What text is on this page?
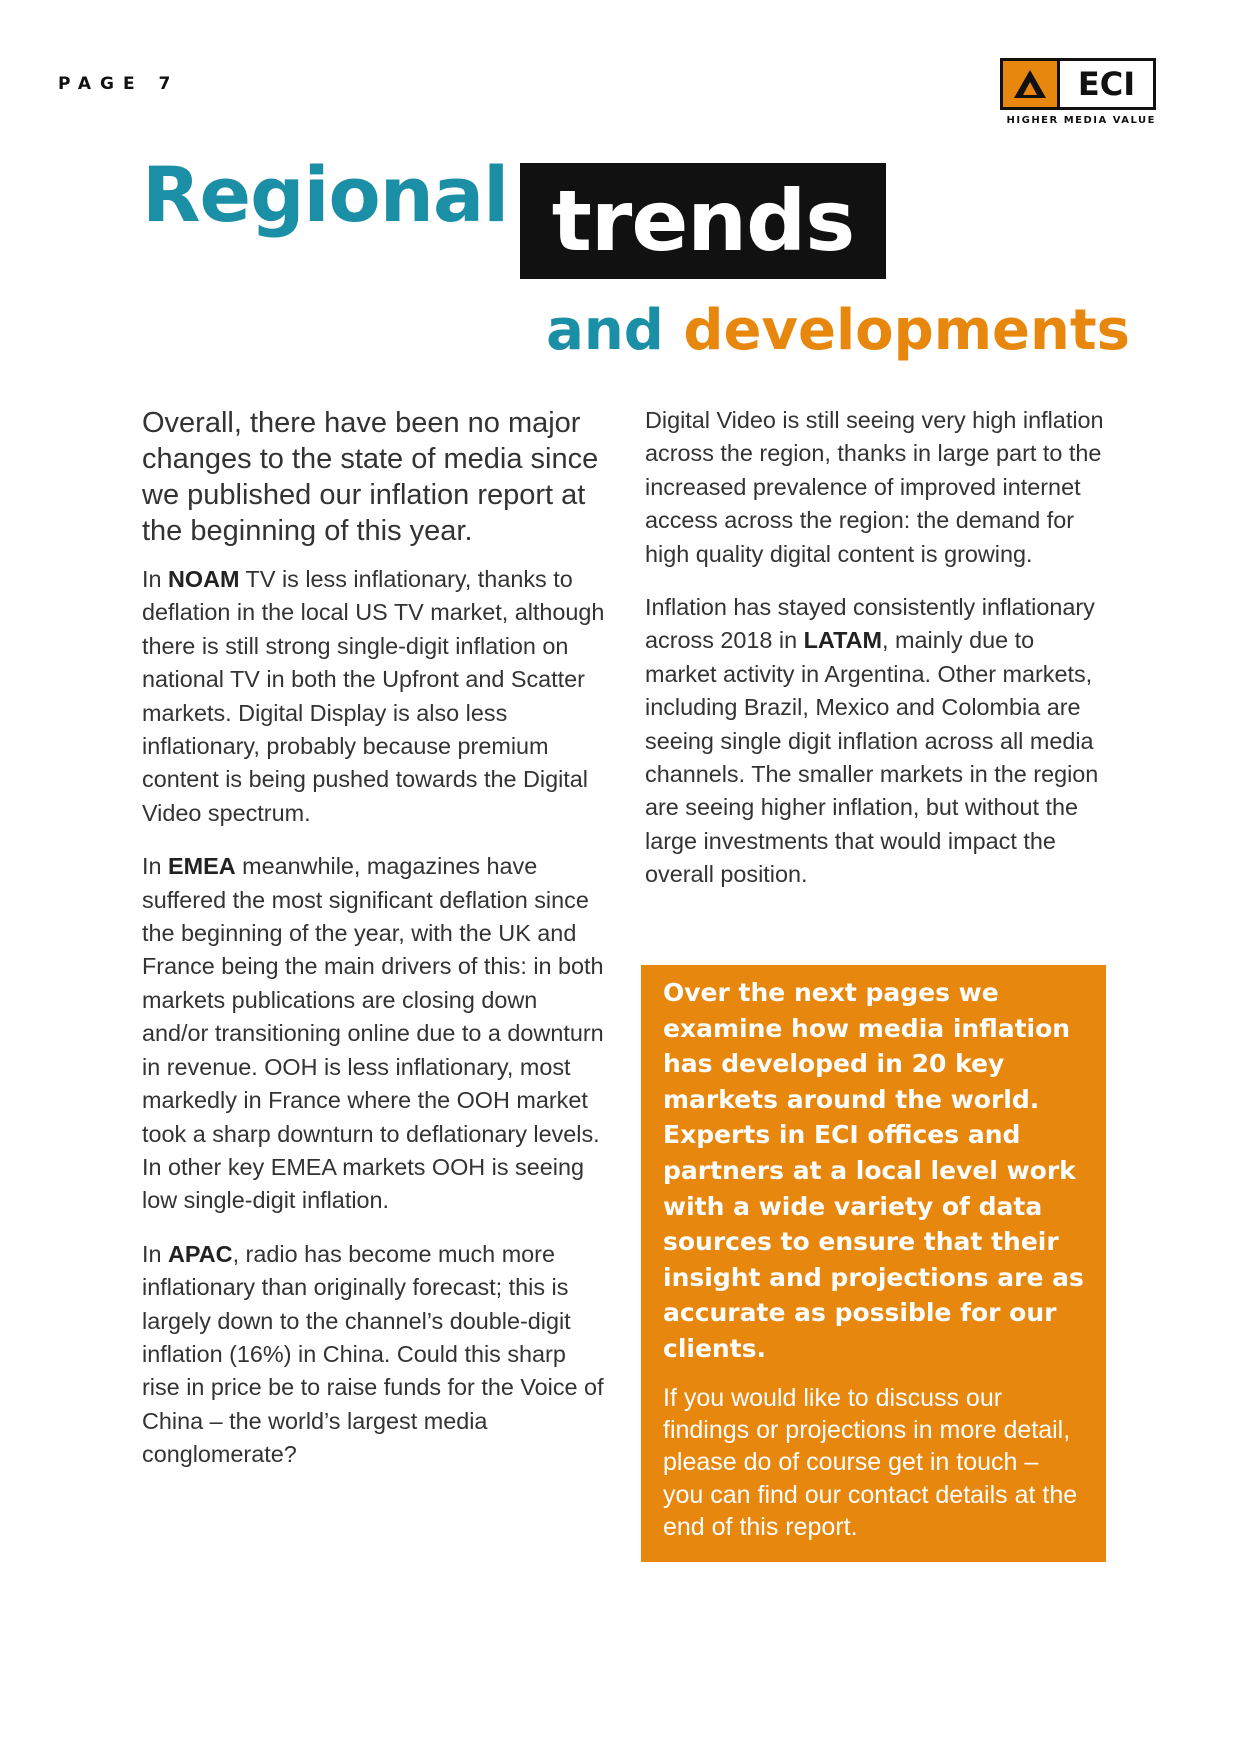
PAGE 7	ECI
HIGHER MEDIA VALUE
Regional trends
and developments

Overall, there have been no major changes to the state of media since we published our inflation report at the beginning of this year.

In NOAM TV is less inflationary, thanks to deflation in the local US TV market, although there is still strong single-digit inflation on national TV in both the Upfront and Scatter markets. Digital Display is also less inflationary, probably because premium content is being pushed towards the Digital Video spectrum.

In EMEA meanwhile, magazines have suffered the most significant deflation since the beginning of the year, with the UK and France being the main drivers of this: in both markets publications are closing down and/or transitioning online due to a downturn in revenue. OOH is less inflationary, most markedly in France where the OOH market took a sharp downturn to deflationary levels. In other key EMEA markets OOH is seeing low single-digit inflation.

In APAC, radio has become much more inflationary than originally forecast; this is largely down to the channel’s double-digit inflation (16%) in China. Could this sharp rise in price be to raise funds for the Voice of China – the world’s largest media conglomerate?

Digital Video is still seeing very high inflation across the region, thanks in large part to the increased prevalence of improved internet access across the region: the demand for high quality digital content is growing.

Inflation has stayed consistently inflationary across 2018 in LATAM, mainly due to market activity in Argentina. Other markets, including Brazil, Mexico and Colombia are seeing single digit inflation across all media channels. The smaller markets in the region are seeing higher inflation, but without the large investments that would impact the overall position.

Over the next pages we examine how media inflation has developed in 20 key markets around the world. Experts in ECI offices and partners at a local level work with a wide variety of data sources to ensure that their insight and projections are as accurate as possible for our clients.

If you would like to discuss our findings or projections in more detail, please do of course get in touch – you can find our contact details at the end of this report.
